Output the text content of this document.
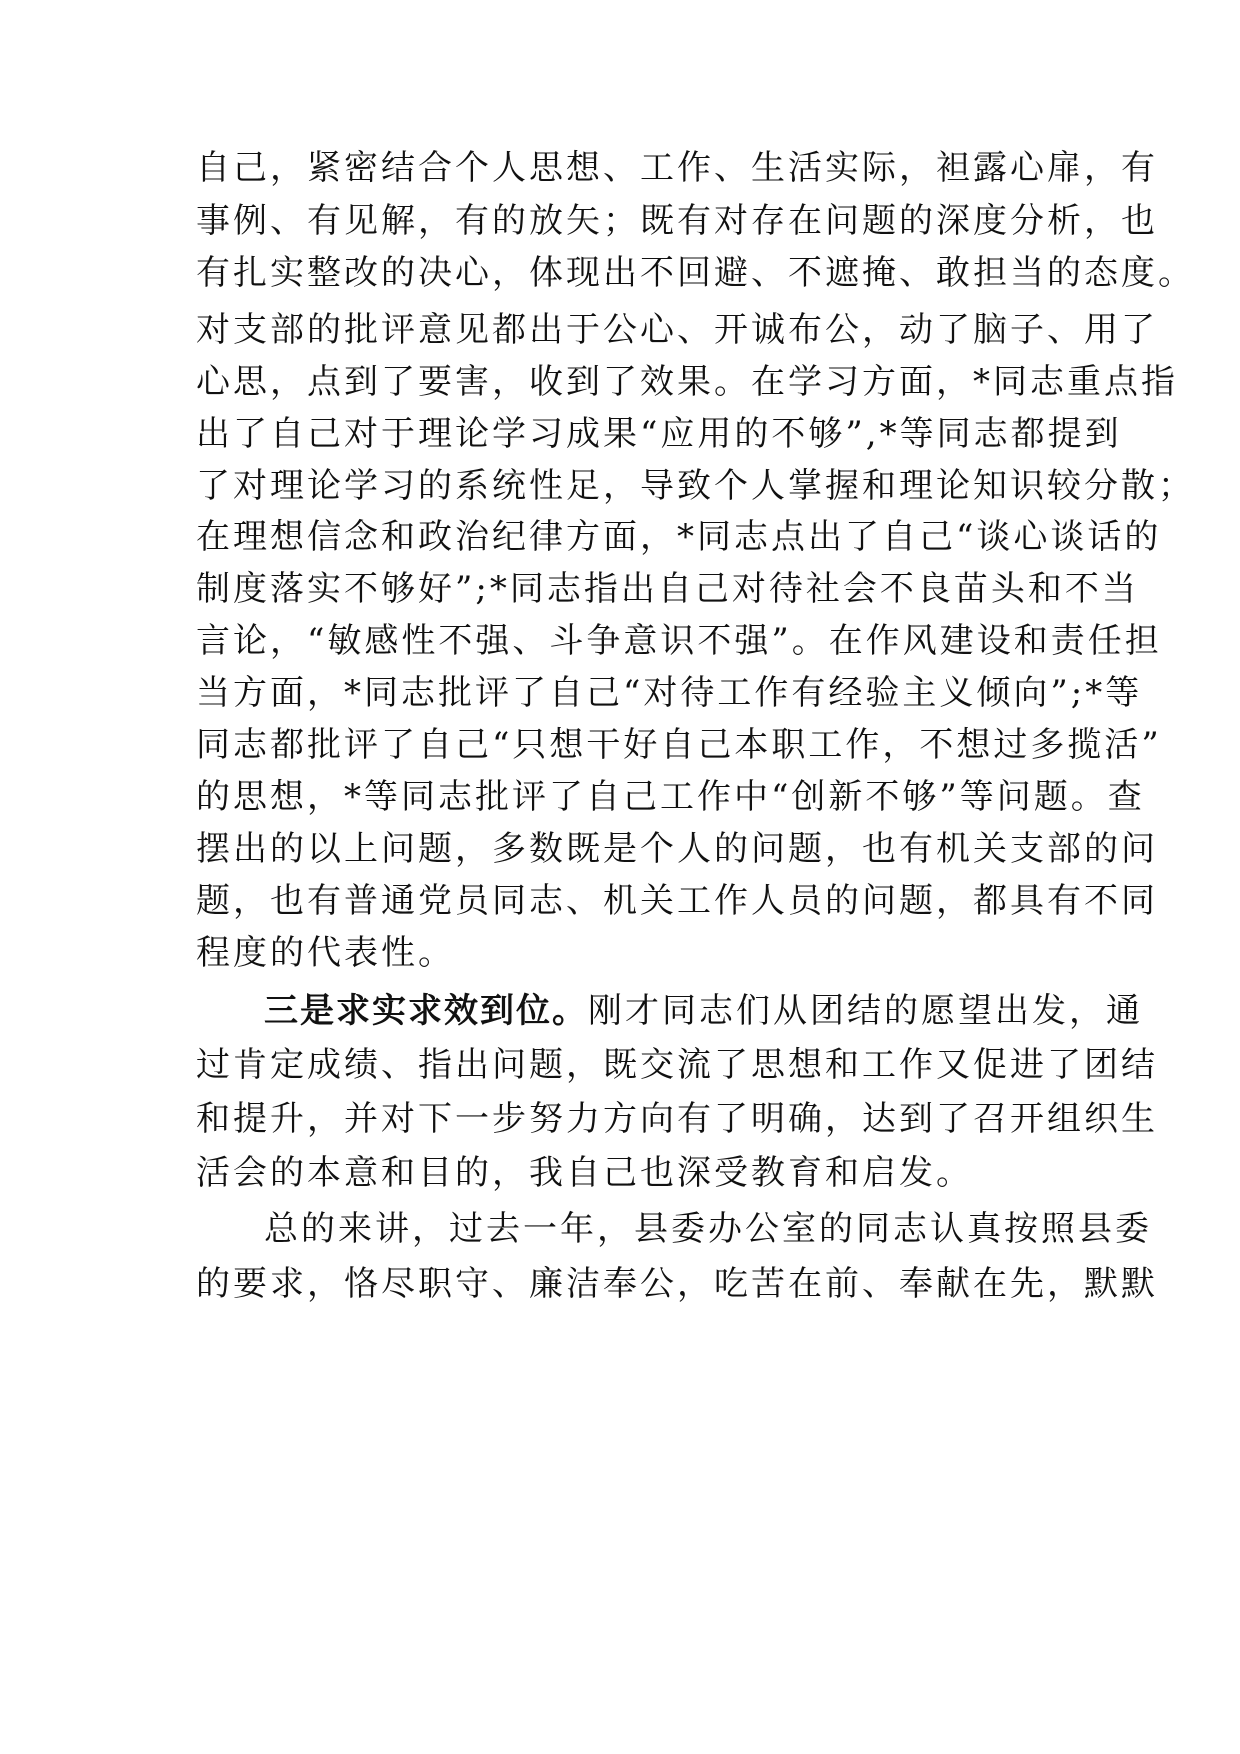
自己，紧密结合个人思想、工作、生活实际，袒露心扉，有
事例、有见解，有的放矢；既有对存在问题的深度分析，也
有扎实整改的决心，体现出不回避、不遮掩、敢担当的态度。
对支部的批评意见都出于公心、开诚布公，动了脑子、用了
心思，点到了要害，收到了效果。在学习方面，*同志重点指
出了自己对于理论学习成果“应用的不够”,*等同志都提到
了对理论学习的系统性足，导致个人掌握和理论知识较分散；
在理想信念和政治纪律方面，*同志点出了自己“谈心谈话的
制度落实不够好”;*同志指出自己对待社会不良苗头和不当
言论，“敏感性不强、斗争意识不强”。在作风建设和责任担
当方面，*同志批评了自己“对待工作有经验主义倾向”;*等
同志都批评了自己“只想干好自己本职工作，不想过多揽活”
的思想，*等同志批评了自己工作中“创新不够”等问题。查
摆出的以上问题，多数既是个人的问题，也有机关支部的问
题，也有普通党员同志、机关工作人员的问题，都具有不同
程度的代表性。
三是求实求效到位。刚才同志们从团结的愿望出发，通
过肯定成绩、指出问题，既交流了思想和工作又促进了团结
和提升，并对下一步努力方向有了明确，达到了召开组织生
活会的本意和目的，我自己也深受教育和启发。
总的来讲，过去一年，县委办公室的同志认真按照县委
的要求，恪尽职守、廉洁奉公，吃苦在前、奉献在先，默默
